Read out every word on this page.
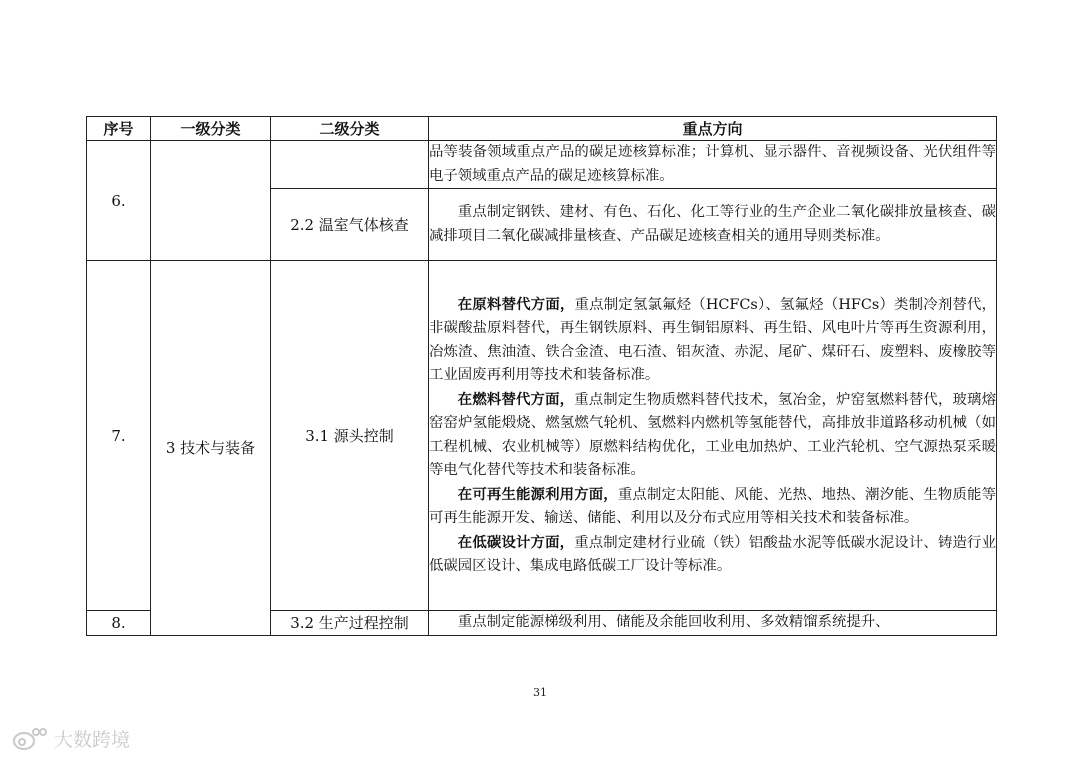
序号	一级分类	二级分类	重点方向
6.			品等装备领域重点产品的碳足迹核算标准；计算机、显示器件、音视频设备、光伏组件等电子领域重点产品的碳足迹核算标准。

		2.2 温室气体核查	重点制定钢铁、建材、有色、石化、化工等行业的生产企业二氧化碳排放量核查、碳减排项目二氧化碳减排量核查、产品碳足迹核查相关的通用导则类标准。

7.	3 技术与装备	3.1 源头控制	在原料替代方面，重点制定氢氯氟烃（HCFCs）、氢氟烃（HFCs）类制冷剂替代，非碳酸盐原料替代，再生钢铁原料、再生铜铝原料、再生铅、风电叶片等再生资源利用，冶炼渣、焦油渣、铁合金渣、电石渣、铝灰渣、赤泥、尾矿、煤矸石、废塑料、废橡胶等工业固废再利用等技术和装备标准。

在燃料替代方面，重点制定生物质燃料替代技术，氢冶金，炉窑氢燃料替代，玻璃熔窑窑炉氢能煅烧、燃氢燃气轮机、氢燃料内燃机等氢能替代，高排放非道路移动机械（如工程机械、农业机械等）原燃料结构优化，工业电加热炉、工业汽轮机、空气源热泵采暖等电气化替代等技术和装备标准。

在可再生能源利用方面，重点制定太阳能、风能、光热、地热、潮汐能、生物质能等可再生能源开发、输送、储能、利用以及分布式应用等相关技术和装备标准。

在低碳设计方面，重点制定建材行业硫（铁）铝酸盐水泥等低碳水泥设计、铸造行业低碳园区设计、集成电路低碳工厂设计等标准。

8.		3.2 生产过程控制	重点制定能源梯级利用、储能及余能回收利用、多效精馏系统提升、

31
大数跨境
